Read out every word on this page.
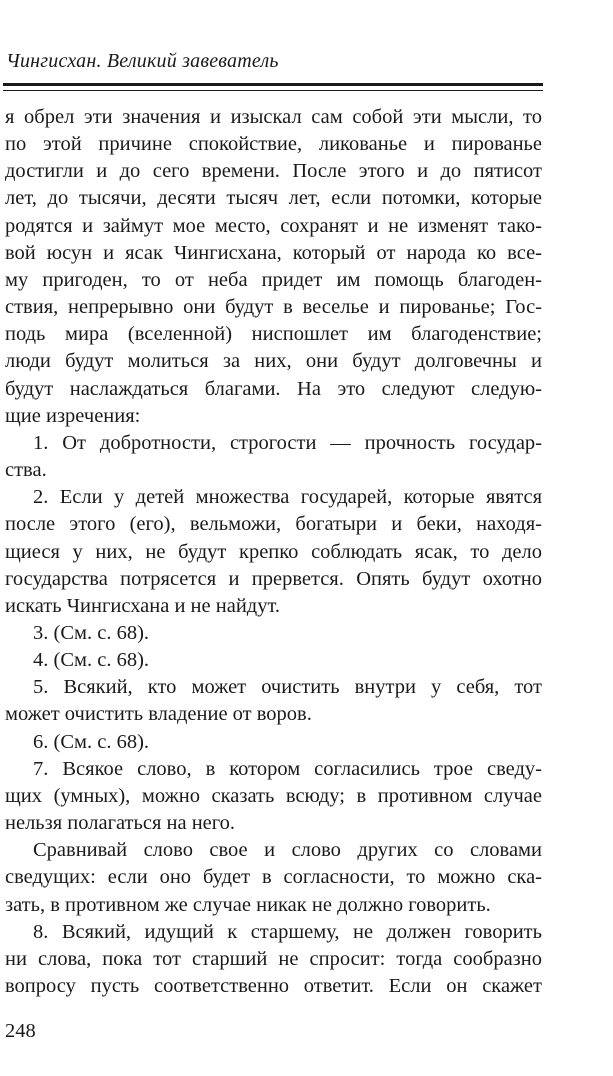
Чингисхан. Великий завеватель

я обрел эти значения и изыскал сам собой эти мысли, то

по этой причине спокойствие, ликованье и пированье

достигли и до сего времени. После этого и до пятисот

лет, до тысячи, десяти тысяч лет, если потомки, которые

родятся и займут мое место, сохранят и не изменят тако-

вой юсун и ясак Чингисхана, который от народа ко все-

му пригоден, то от неба придет им помощь благоден-

ствия, непрерывно они будут в веселье и пированье; Гос-

подь мира (вселенной) ниспошлет им благоденствие;

люди будут молиться за них, они будут долговечны и

будут наслаждаться благами. На это следуют следую-

щие изречения:

1. От добротности, строгости — прочность государ-

ства.

2. Если у детей множества государей, которые явятся

после этого (его), вельможи, богатыри и беки, находя-

щиеся у них, не будут крепко соблюдать ясак, то дело

государства потрясется и прервется. Опять будут охотно

искать Чингисхана и не найдут.

3. (См. с. 68).

4. (См. с. 68).

5. Всякий, кто может очистить внутри у себя, тот

может очистить владение от воров.

6. (См. с. 68).

7. Всякое слово, в котором согласились трое сведу-

щих (умных), можно сказать всюду; в противном случае

нельзя полагаться на него.

Сравнивай слово свое и слово других со словами

сведущих: если оно будет в согласности, то можно ска-

зать, в противном же случае никак не должно говорить.

8. Всякий, идущий к старшему, не должен говорить

ни слова, пока тот старший не спросит: тогда сообразно

вопросу пусть соответственно ответит. Если он скажет

248
